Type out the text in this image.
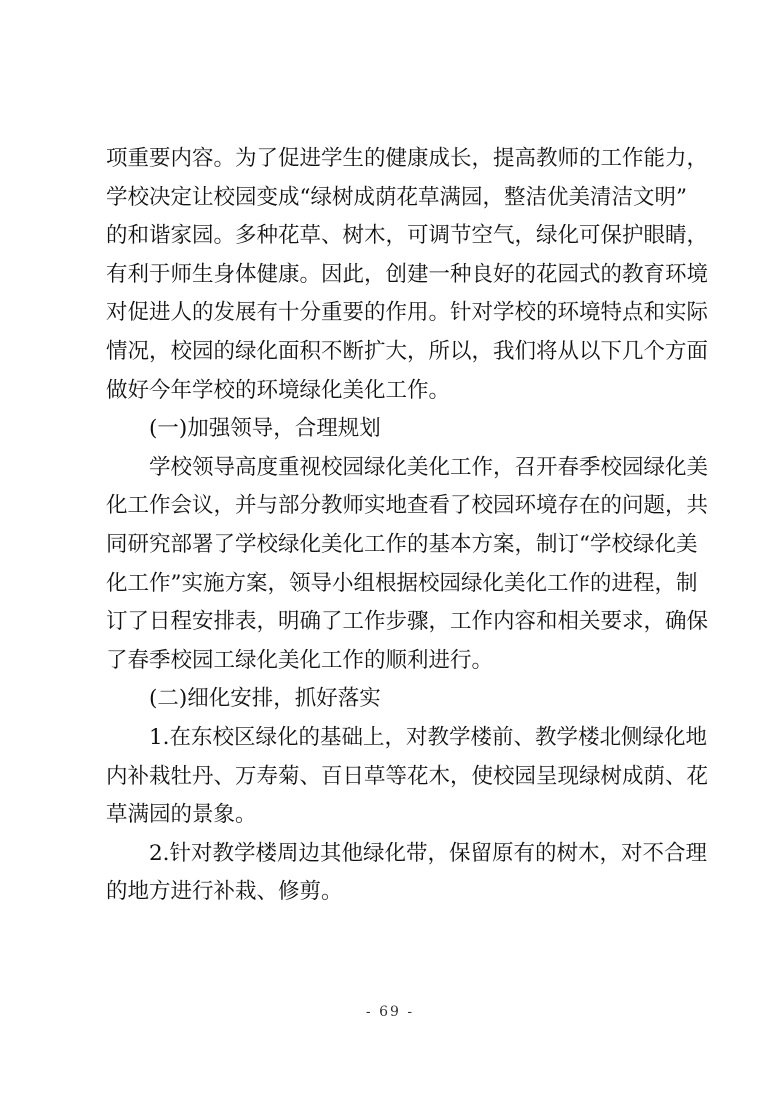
项重要内容。为了促进学生的健康成长，提高教师的工作能力，
学校决定让校园变成“绿树成荫花草满园，整洁优美清洁文明”
的和谐家园。多种花草、树木，可调节空气，绿化可保护眼睛，
有利于师生身体健康。因此，创建一种良好的花园式的教育环境
对促进人的发展有十分重要的作用。针对学校的环境特点和实际
情况，校园的绿化面积不断扩大，所以，我们将从以下几个方面
做好今年学校的环境绿化美化工作。
(一)加强领导，合理规划
学校领导高度重视校园绿化美化工作，召开春季校园绿化美
化工作会议，并与部分教师实地查看了校园环境存在的问题，共
同研究部署了学校绿化美化工作的基本方案，制订“学校绿化美
化工作”实施方案，领导小组根据校园绿化美化工作的进程，制
订了日程安排表，明确了工作步骤，工作内容和相关要求，确保
了春季校园工绿化美化工作的顺利进行。
(二)细化安排，抓好落实
1.在东校区绿化的基础上，对教学楼前、教学楼北侧绿化地
内补栽牡丹、万寿菊、百日草等花木，使校园呈现绿树成荫、花
草满园的景象。
2.针对教学楼周边其他绿化带，保留原有的树木，对不合理
的地方进行补栽、修剪。
- 69 -
